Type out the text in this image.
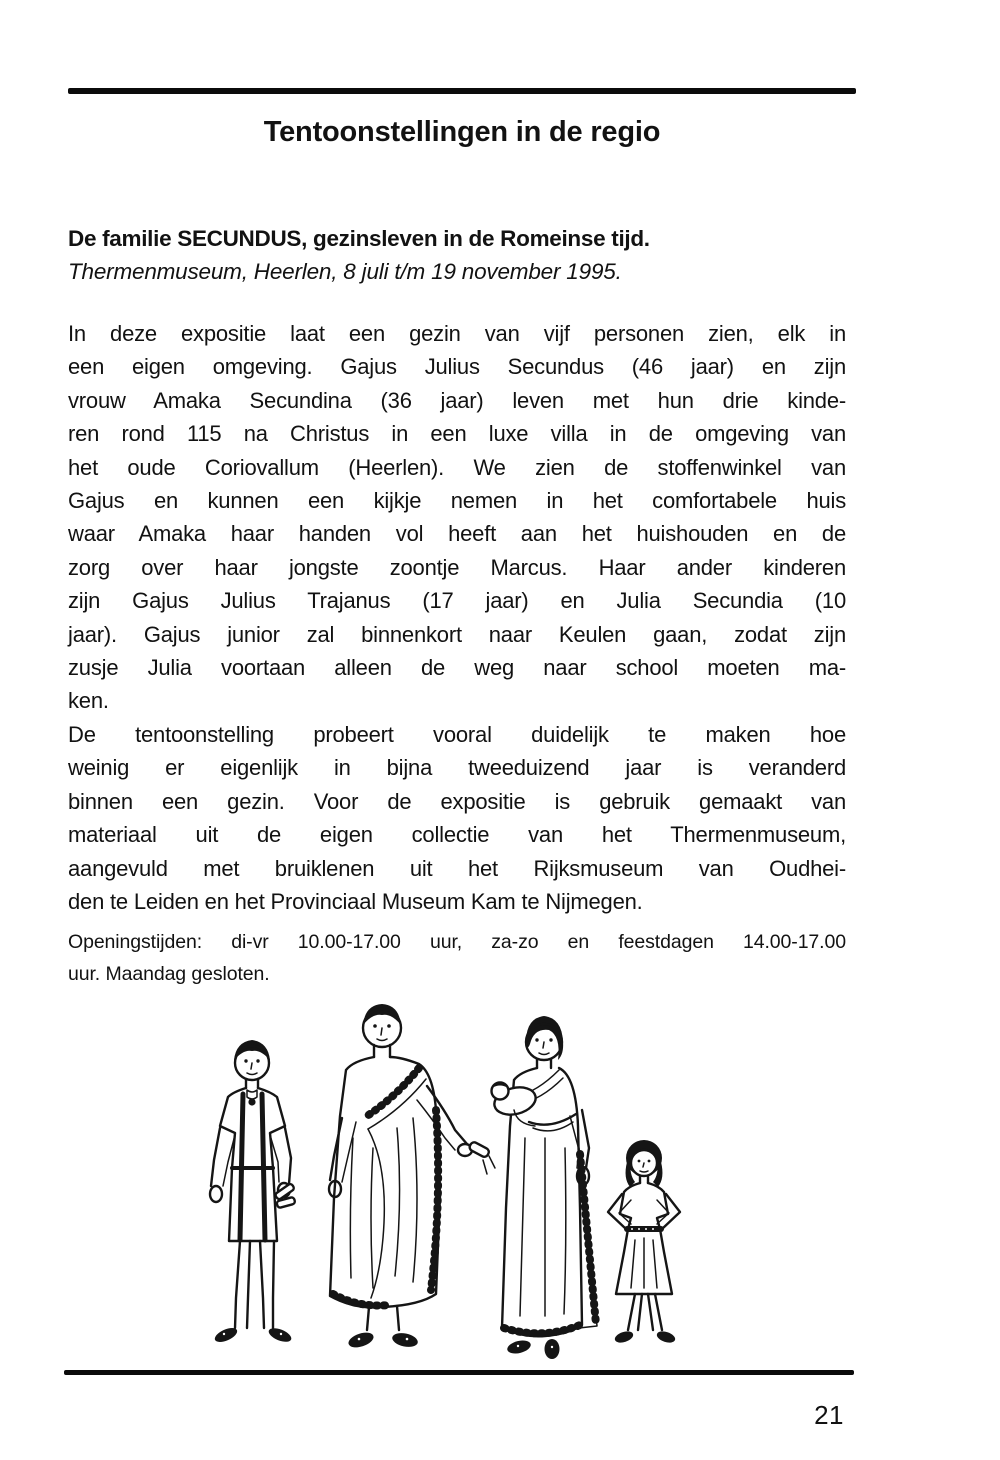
Tentoonstellingen in de regio
De familie SECUNDUS, gezinsleven in de Romeinse tijd.
Thermenmuseum, Heerlen, 8 juli t/m 19 november 1995.
In deze expositie laat een gezin van vijf personen zien, elk in
een eigen omgeving. Gajus Julius Secundus (46 jaar) en zijn
vrouw Amaka Secundina (36 jaar) leven met hun drie kinde-
ren rond 115 na Christus in een luxe villa in de omgeving van
het oude Coriovallum (Heerlen). We zien de stoffenwinkel van
Gajus en kunnen een kijkje nemen in het comfortabele huis
waar Amaka haar handen vol heeft aan het huishouden en de
zorg over haar jongste zoontje Marcus. Haar ander kinderen
zijn Gajus Julius Trajanus (17 jaar) en Julia Secundia (10
jaar). Gajus junior zal binnenkort naar Keulen gaan, zodat zijn
zusje Julia voortaan alleen de weg naar school moeten ma-
ken.
De tentoonstelling probeert vooral duidelijk te maken hoe
weinig er eigenlijk in bijna tweeduizend jaar is veranderd
binnen een gezin. Voor de expositie is gebruik gemaakt van
materiaal uit de eigen collectie van het Thermenmuseum,
aangevuld met bruiklenen uit het Rijksmuseum van Oudhei-
den te Leiden en het Provinciaal Museum Kam te Nijmegen.
Openingstijden: di-vr 10.00-17.00 uur, za-zo en feestdagen 14.00-17.00
uur. Maandag gesloten.
21
